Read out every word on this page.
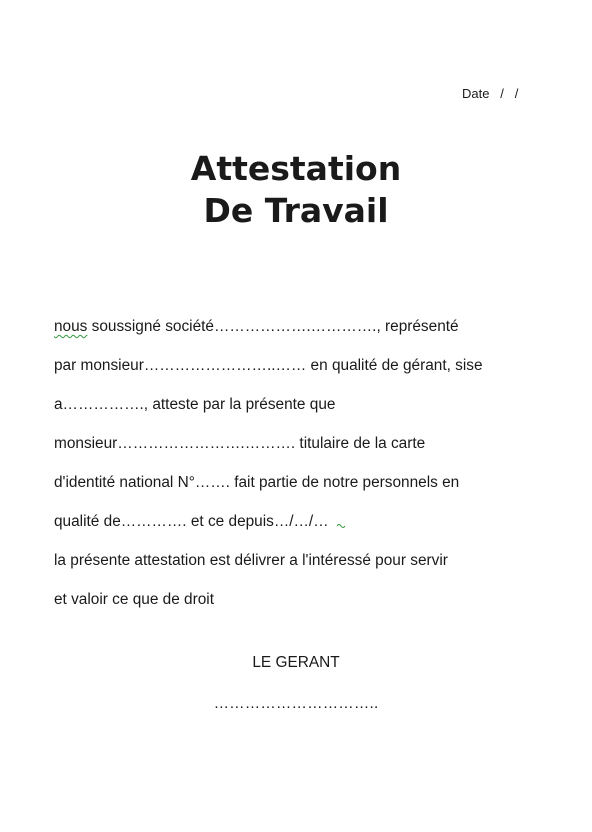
Date   /   /
Attestation
De Travail
nous soussigné société……………….…………., représenté
par monsieur……………………..…… en qualité de gérant, sise
a……………., atteste par la présente que
monsieur…………………….………. titulaire de la carte
d'identité national N°……. fait partie de notre personnels en
qualité de…………. et ce depuis…/…/…
la présente attestation est délivrer a l'intéressé pour servir
et valoir ce que de droit
LE GERANT
…………………………..
